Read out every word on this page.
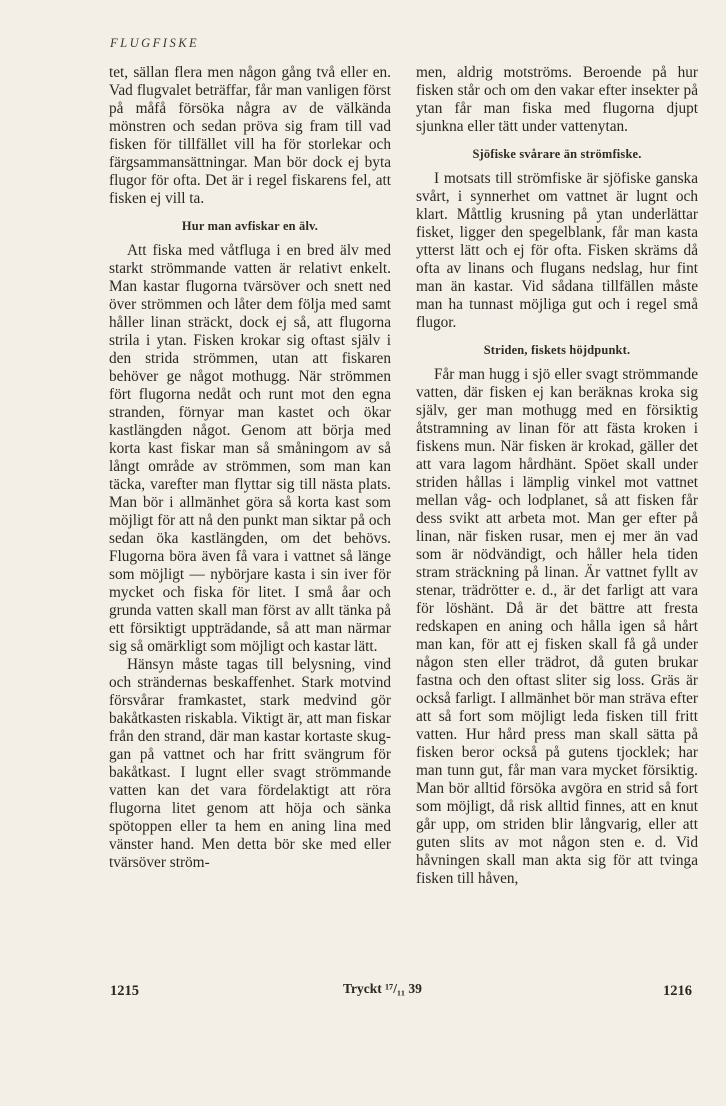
FLUGFISKE

tet, sällan flera men någon gång två eller en. Vad flugvalet beträffar, får man vanligen först på måfå försöka några av de välkända mönstren och sedan pröva sig fram till vad fisken för tillfället vill ha för storlekar och färgsammansättningar. Man bör dock ej byta flugor för ofta. Det är i regel fiskarens fel, att fisken ej vill ta.

Hur man avfiskar en älv.

Att fiska med våtfluga i en bred älv med starkt strömmande vatten är relativt enkelt. Man kastar flugorna tvärsöver och snett ned över strömmen och låter dem följa med samt håller linan sträckt, dock ej så, att flugorna strila i ytan. Fisken krokar sig oftast själv i den strida strömmen, utan att fiskaren behöver ge något mothugg. När strömmen fört flugorna nedåt och runt mot den egna stranden, förnyar man kastet och ökar kastlängden något. Genom att börja med korta kast fiskar man så småningom av så långt område av strömmen, som man kan täcka, varefter man flyttar sig till nästa plats. Man bör i allmänhet göra så korta kast som möjligt för att nå den punkt man siktar på och sedan öka kastlängden, om det behövs. Flugorna böra även få vara i vattnet så länge som möjligt — nybörjare kasta i sin iver för mycket och fiska för litet. I små åar och grunda vatten skall man först av allt tänka på ett försiktigt uppträdande, så att man närmar sig så omärkligt som möjligt och kastar lätt.

Hänsyn måste tagas till belysning, vind och strändernas beskaffenhet. Stark motvind försvårar framkastet, stark medvind gör bakåtkasten riskabla. Viktigt är, att man fiskar från den strand, där man kastar kortaste skuggan på vattnet och har fritt svängrum för bakåtkast. I lugnt eller svagt strömmande vatten kan det vara fördelaktigt att röra flugorna litet genom att höja och sänka spötoppen eller ta hem en aning lina med vänster hand. Men detta bör ske med eller tvärsöver ström-

men, aldrig motströms. Beroende på hur fisken står och om den vakar efter insekter på ytan får man fiska med flugorna djupt sjunkna eller tätt under vattenytan.

Sjöfiske svårare än strömfiske.

I motsats till strömfiske är sjöfiske ganska svårt, i synnerhet om vattnet är lugnt och klart. Måttlig krusning på ytan underlättar fisket, ligger den spegelblank, får man kasta ytterst lätt och ej för ofta. Fisken skräms då ofta av linans och flugans nedslag, hur fint man än kastar. Vid sådana tillfällen måste man ha tunnast möjliga gut och i regel små flugor.

Striden, fiskets höjdpunkt.

Får man hugg i sjö eller svagt strömmande vatten, där fisken ej kan beräknas kroka sig själv, ger man mothugg med en försiktig åtstramning av linan för att fästa kroken i fiskens mun. När fisken är krokad, gäller det att vara lagom hårdhänt. Spöet skall under striden hållas i lämplig vinkel mot vattnet mellan våg- och lodplanet, så att fisken får dess svikt att arbeta mot. Man ger efter på linan, när fisken rusar, men ej mer än vad som är nödvändigt, och håller hela tiden stram sträckning på linan. Är vattnet fyllt av stenar, trädrötter e. d., är det farligt att vara för löshänt. Då är det bättre att fresta redskapen en aning och hålla igen så hårt man kan, för att ej fisken skall få gå under någon sten eller trädrot, då guten brukar fastna och den oftast sliter sig loss. Gräs är också farligt. I allmänhet bör man sträva efter att så fort som möjligt leda fisken till fritt vatten. Hur hård press man skall sätta på fisken beror också på gutens tjocklek; har man tunn gut, får man vara mycket försiktig. Man bör alltid försöka avgöra en strid så fort som möjligt, då risk alltid finnes, att en knut går upp, om striden blir långvarig, eller att guten slits av mot någon sten e. d. Vid håvningen skall man akta sig för att tvinga fisken till håven,

1215	Tryckt ¹⁷/₁₁ 39	1216
